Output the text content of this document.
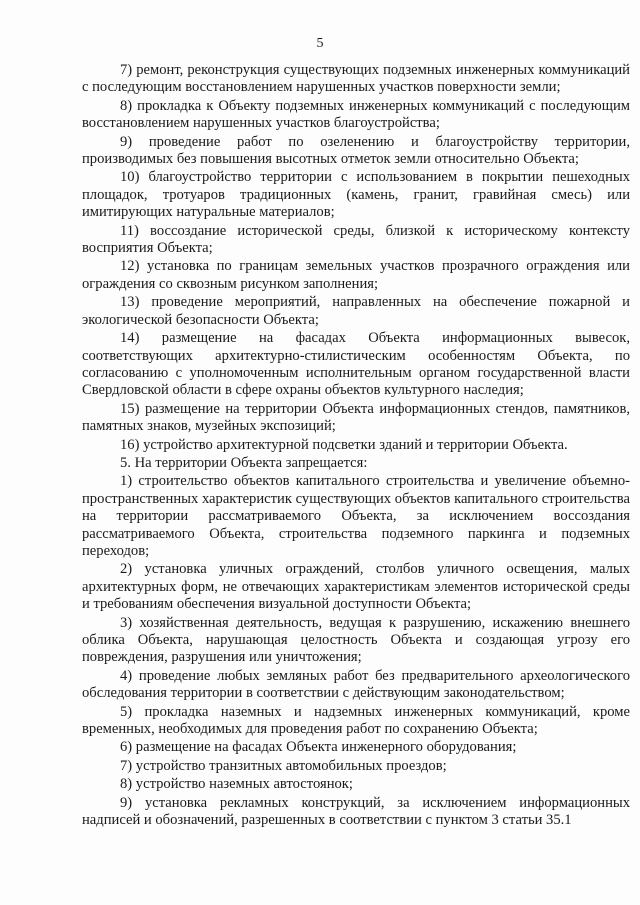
5

7) ремонт, реконструкция существующих подземных инженерных коммуникаций с последующим восстановлением нарушенных участков поверхности земли;

8) прокладка к Объекту подземных инженерных коммуникаций с последующим восстановлением нарушенных участков благоустройства;

9) проведение работ по озеленению и благоустройству территории, производимых без повышения высотных отметок земли относительно Объекта;

10) благоустройство территории с использованием в покрытии пешеходных площадок, тротуаров традиционных (камень, гранит, гравийная смесь) или имитирующих натуральные материалов;

11) воссоздание исторической среды, близкой к историческому контексту восприятия Объекта;

12) установка по границам земельных участков прозрачного ограждения или ограждения со сквозным рисунком заполнения;

13) проведение мероприятий, направленных на обеспечение пожарной и экологической безопасности Объекта;

14) размещение на фасадах Объекта информационных вывесок, соответствующих архитектурно-стилистическим особенностям Объекта, по согласованию с уполномоченным исполнительным органом государственной власти Свердловской области в сфере охраны объектов культурного наследия;

15) размещение на территории Объекта информационных стендов, памятников, памятных знаков, музейных экспозиций;

16) устройство архитектурной подсветки зданий и территории Объекта.

5. На территории Объекта запрещается:

1) строительство объектов капитального строительства и увеличение объемно-пространственных характеристик существующих объектов капитального строительства на территории рассматриваемого Объекта, за исключением воссоздания рассматриваемого Объекта, строительства подземного паркинга и подземных переходов;

2) установка уличных ограждений, столбов уличного освещения, малых архитектурных форм, не отвечающих характеристикам элементов исторической среды и требованиям обеспечения визуальной доступности Объекта;

3) хозяйственная деятельность, ведущая к разрушению, искажению внешнего облика Объекта, нарушающая целостность Объекта и создающая угрозу его повреждения, разрушения или уничтожения;

4) проведение любых земляных работ без предварительного археологического обследования территории в соответствии с действующим законодательством;

5) прокладка наземных и надземных инженерных коммуникаций, кроме временных, необходимых для проведения работ по сохранению Объекта;

6) размещение на фасадах Объекта инженерного оборудования;

7) устройство транзитных автомобильных проездов;

8) устройство наземных автостоянок;

9) установка рекламных конструкций, за исключением информационных надписей и обозначений, разрешенных в соответствии с пунктом 3 статьи 35.1
